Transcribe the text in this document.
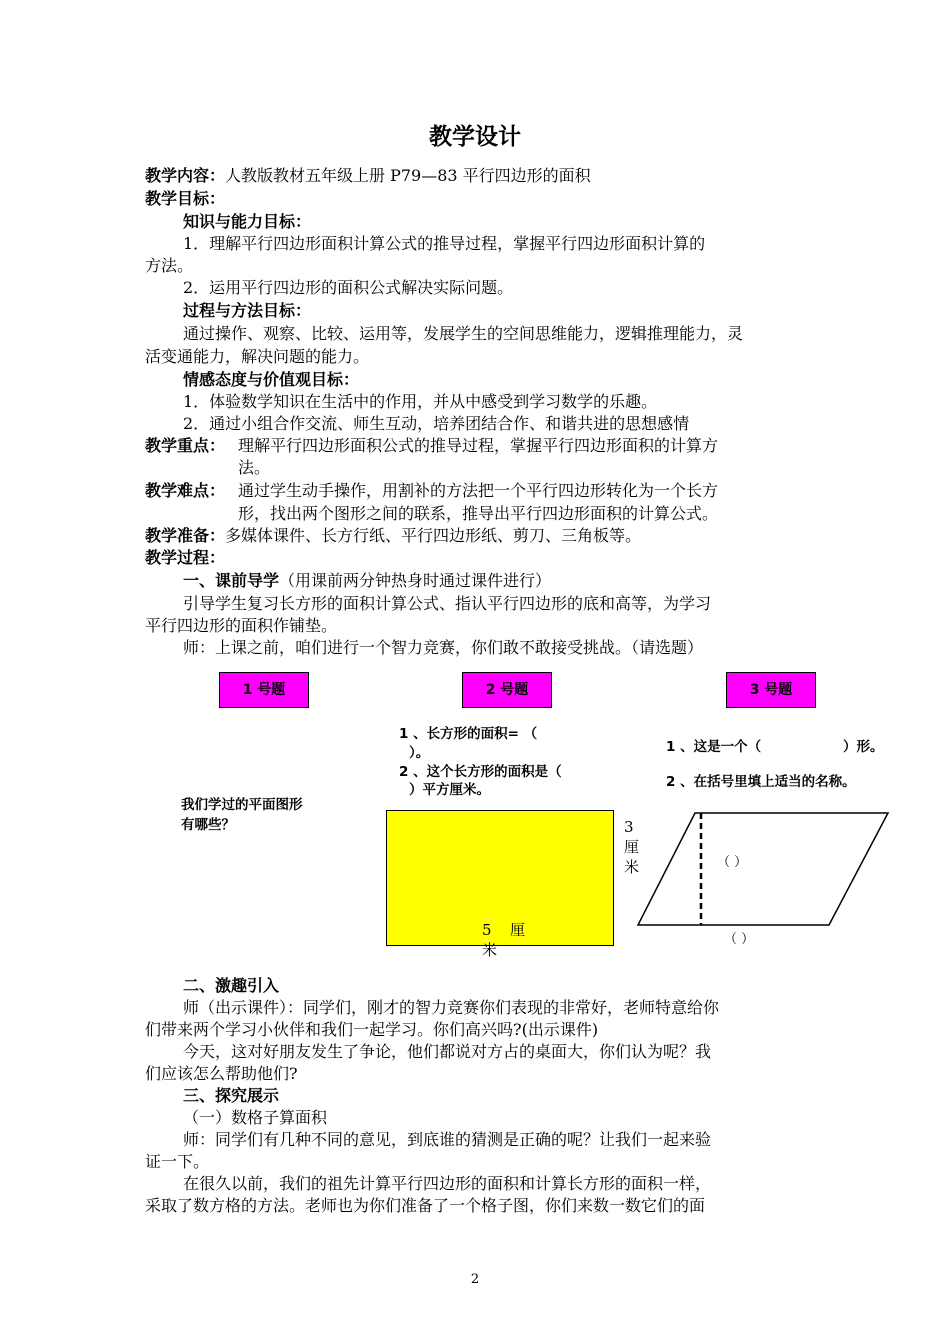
教学设计
教学内容：人教版教材五年级上册 P79—83 平行四边形的面积
教学目标：
知识与能力目标：
1．理解平行四边形面积计算公式的推导过程，掌握平行四边形面积计算的
方法。
2．运用平行四边形的面积公式解决实际问题。
过程与方法目标：
通过操作、观察、比较、运用等，发展学生的空间思维能力，逻辑推理能力，灵
活变通能力，解决问题的能力。
情感态度与价值观目标：
1．体验数学知识在生活中的作用，并从中感受到学习数学的乐趣。
2．通过小组合作交流、师生互动，培养团结合作、和谐共进的思想感情
教学重点： 理解平行四边形面积公式的推导过程，掌握平行四边形面积的计算方
法。
教学难点： 通过学生动手操作，用割补的方法把一个平行四边形转化为一个长方
形，找出两个图形之间的联系，推导出平行四边形面积的计算公式。
教学准备：多媒体课件、长方行纸、平行四边形纸、剪刀、三角板等。
教学过程：
一、课前导学（用课前两分钟热身时通过课件进行）
引导学生复习长方形的面积计算公式、指认平行四边形的底和高等，为学习
平行四边形的面积作铺垫。
师：上课之前，咱们进行一个智力竞赛，你们敢不敢接受挑战。（请选题）
1 号题	2 号题	3 号题
我们学过的平面图形
有哪些？
1 、长方形的面积= （
）。
2 、这个长方形的面积是（
）平方厘米。
3
厘
米
5 厘
米
1 、这是一个（	）形。
2 、在括号里填上适当的名称。
（ ）
（ ）
二、激趣引入
师（出示课件）：同学们，刚才的智力竞赛你们表现的非常好，老师特意给你
们带来两个学习小伙伴和我们一起学习。你们高兴吗?(出示课件)
今天，这对好朋友发生了争论，他们都说对方占的桌面大，你们认为呢？我
们应该怎么帮助他们?
三、探究展示
（一）数格子算面积
师：同学们有几种不同的意见，到底谁的猜测是正确的呢？让我们一起来验
证一下。
在很久以前，我们的祖先计算平行四边形的面积和计算长方形的面积一样，
采取了数方格的方法。老师也为你们准备了一个格子图，你们来数一数它们的面
2
